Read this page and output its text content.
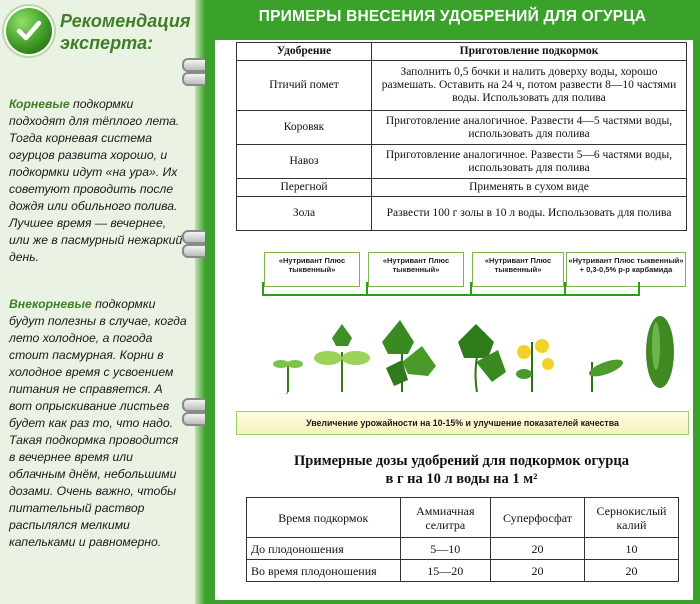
Рекомендация
эксперта:
Корневые подкормки подходят для тёплого лета. Тогда корневая система огурцов развита хорошо, и подкормки идут «на ура». Их советуют проводить после дождя или обильного полива. Лучшее время — вечернее, или же в пасмурный нежаркий день.
Внекорневые подкормки будут полезны в случае, когда лето холодное, а погода стоит пасмурная. Корни в холодное время с усвоением питания не справяется. А вот опрыскивание листьев будет как раз то, что надо. Такая подкормка проводится в вечернее время или облачным днём, небольшими дозами. Очень важно, чтобы питательный раствор распылялся мелкими капельками и равномерно.
ПРИМЕРЫ ВНЕСЕНИЯ УДОБРЕНИЙ ДЛЯ ОГУРЦА
Удобрение	Приготовление подкормок
Птичий помет	Заполнить 0,5 бочки и налить доверху воды, хорошо размешать. Оставить на 24 ч, потом развести 8—10 частями воды. Использовать для полива
Коровяк	Приготовление аналогичное. Развести 4—5 частями воды, использовать для полива
Навоз	Приготовление аналогичное. Развести 5—6 частями воды, использовать для полива
Перегной	Применять в сухом виде
Зола	Развести 100 г золы в 10 л воды. Использовать для полива
«Нутривант Плюс тыквенный»
«Нутривант Плюс тыквенный»
«Нутривант Плюс тыквенный»
«Нутривант Плюс тыквенный» + 0,3-0,5% р-р карбамида
Увеличение урожайности на 10-15% и улучшение показателей качества
Примерные дозы удобрений для подкормок огурца
в г на 10 л воды на 1 м²
Время подкормок	Аммиачная селитра	Суперфосфат	Сернокислый калий
До плодоношения	5—10	20	10
Во время плодоношения	15—20	20	20
